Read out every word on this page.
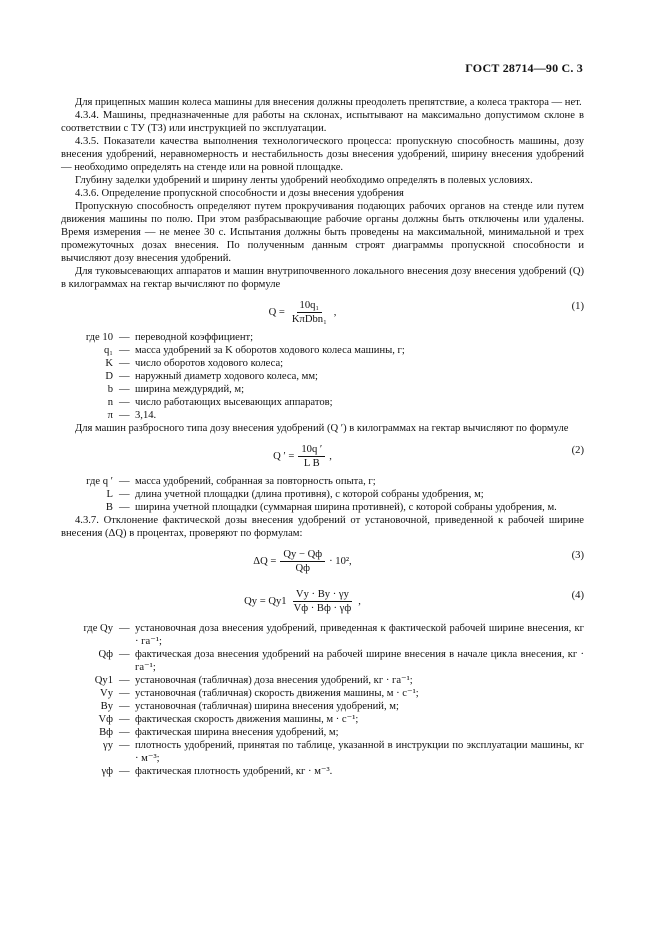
ГОСТ 28714—90 С. 3

Для прицепных машин колеса машины для внесения должны преодолеть препятствие, а колеса трактора — нет.

4.3.4. Машины, предназначенные для работы на склонах, испытывают на максимально допустимом склоне в соответствии с ТУ (ТЗ) или инструкцией по эксплуатации.

4.3.5. Показатели качества выполнения технологического процесса: пропускную способность машины, дозу внесения удобрений, неравномерность и нестабильность дозы внесения удобрений, ширину внесения удобрений — необходимо определять на стенде или на ровной площадке.

Глубину заделки удобрений и ширину ленты удобрений необходимо определять в полевых условиях.

4.3.6. Определение пропускной способности и дозы внесения удобрения

Пропускную способность определяют путем прокручивания подающих рабочих органов на стенде или путем движения машины по полю. При этом разбрасывающие рабочие органы должны быть отключены или удалены. Время измерения — не менее 30 с. Испытания должны быть проведены на максимальной, минимальной и трех промежуточных дозах внесения. По полученным данным строят диаграммы пропускной способности и вычисляют дозу внесения удобрений.

Для туковысевающих аппаратов и машин внутрипочвенного локального внесения дозу внесения удобрений (Q) в килограммах на гектар вычисляют по формуле

$Q = \frac{\text{10q₁}}{\text{KπDbn₁}}$ ,	(1)
где 10 — переводной коэффициент;
q₁ — масса удобрений за K оборотов ходового колеса машины, г;
K — число оборотов ходового колеса;
D — наружный диаметр ходового колеса, мм;
b — ширина междурядий, м;
n — число работающих высевающих аппаратов;
π — 3,14.

Для машин разбросного типа дозу внесения удобрений (Q ′) в килограммах на гектар вычисляют по формуле

Q ′ = $\frac{10q '}{\text{L B}}$ ,	(2)
где q ′ — масса удобрений, собранная за повторность опыта, г;
L — длина учетной площадки (длина противня), с которой собраны удобрения, м;
B — ширина учетной площадки (суммарная ширина противней), с которой собраны удобрения, м.

4.3.7. Отклонение фактической дозы внесения удобрений от установочной, приведенной к рабочей ширине внесения (ΔQ) в процентах, проверяют по формулам:

$\Delta Q = \frac{Qу - Qф}{Qф} \cdot 10^2$,	(3)
Qу = $Qу1 \frac{Vу \cdot Bу \cdot \gamma у}{Vф \cdot Bф \cdot \gamma ф}$ ,	(4)
где Qу — установочная доза внесения удобрений, приведенная к фактической рабочей ширине внесения, кг · га⁻¹;
Qф — фактическая доза внесения удобрений на рабочей ширине внесения в начале цикла внесения, кг · га⁻¹;
Qу1 — установочная (табличная) доза внесения удобрений, кг · га⁻¹;
Vу — установочная (табличная) скорость движения машины, м · с⁻¹;
Bу — установочная (табличная) ширина внесения удобрений, м;
Vф — фактическая скорость движения машины, м · с⁻¹;
Bф — фактическая ширина внесения удобрений, м;
γу — плотность удобрений, принятая по таблице, указанной в инструкции по эксплуатации машины, кг · м⁻³;
γф — фактическая плотность удобрений, кг · м⁻³.
